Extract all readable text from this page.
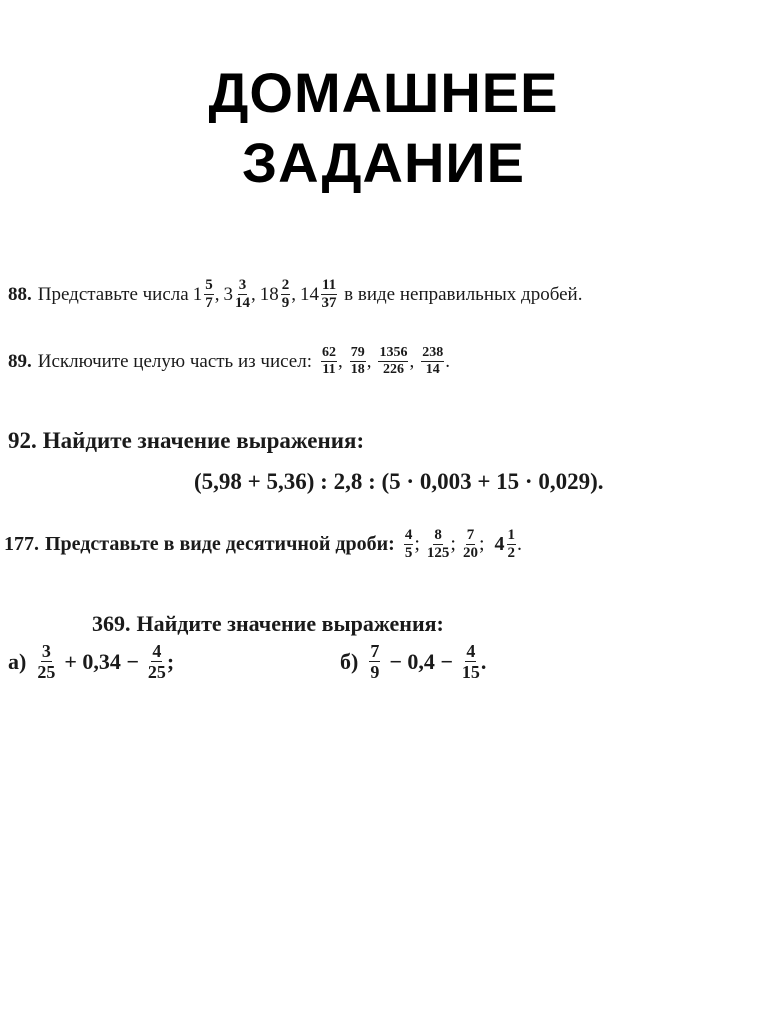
ДОМАШНЕЕ
ЗАДАНИЕ
88. Представьте числа $1 \frac{5}{7}$ , $3 \frac{3}{14}$ , $18 \frac{2}{9}$ , $14 \frac{11}{37}$ в виде неправильных дробей.
89. Исключите целую часть из чисел: $\frac{62}{11}$ , $\frac{79}{18}$ , $\frac{1356}{226}$ , $\frac{238}{14}$ .
92. Найдите значение выражения:
(5,98 + 5,36) : 2,8 : (5 · 0,003 + 15 · 0,029).
177. Представьте в виде десятичной дроби: $\frac{4}{5}$ ; $\frac{8}{125}$ ; $\frac{7}{20}$ ; $4 \frac{1}{2}$ .
369. Найдите значение выражения:
$а) \frac{3}{25} + 0,34 - \frac{4}{25}$ ;	$б) \frac{7}{9} - 0,4 - \frac{4}{15}$ .
